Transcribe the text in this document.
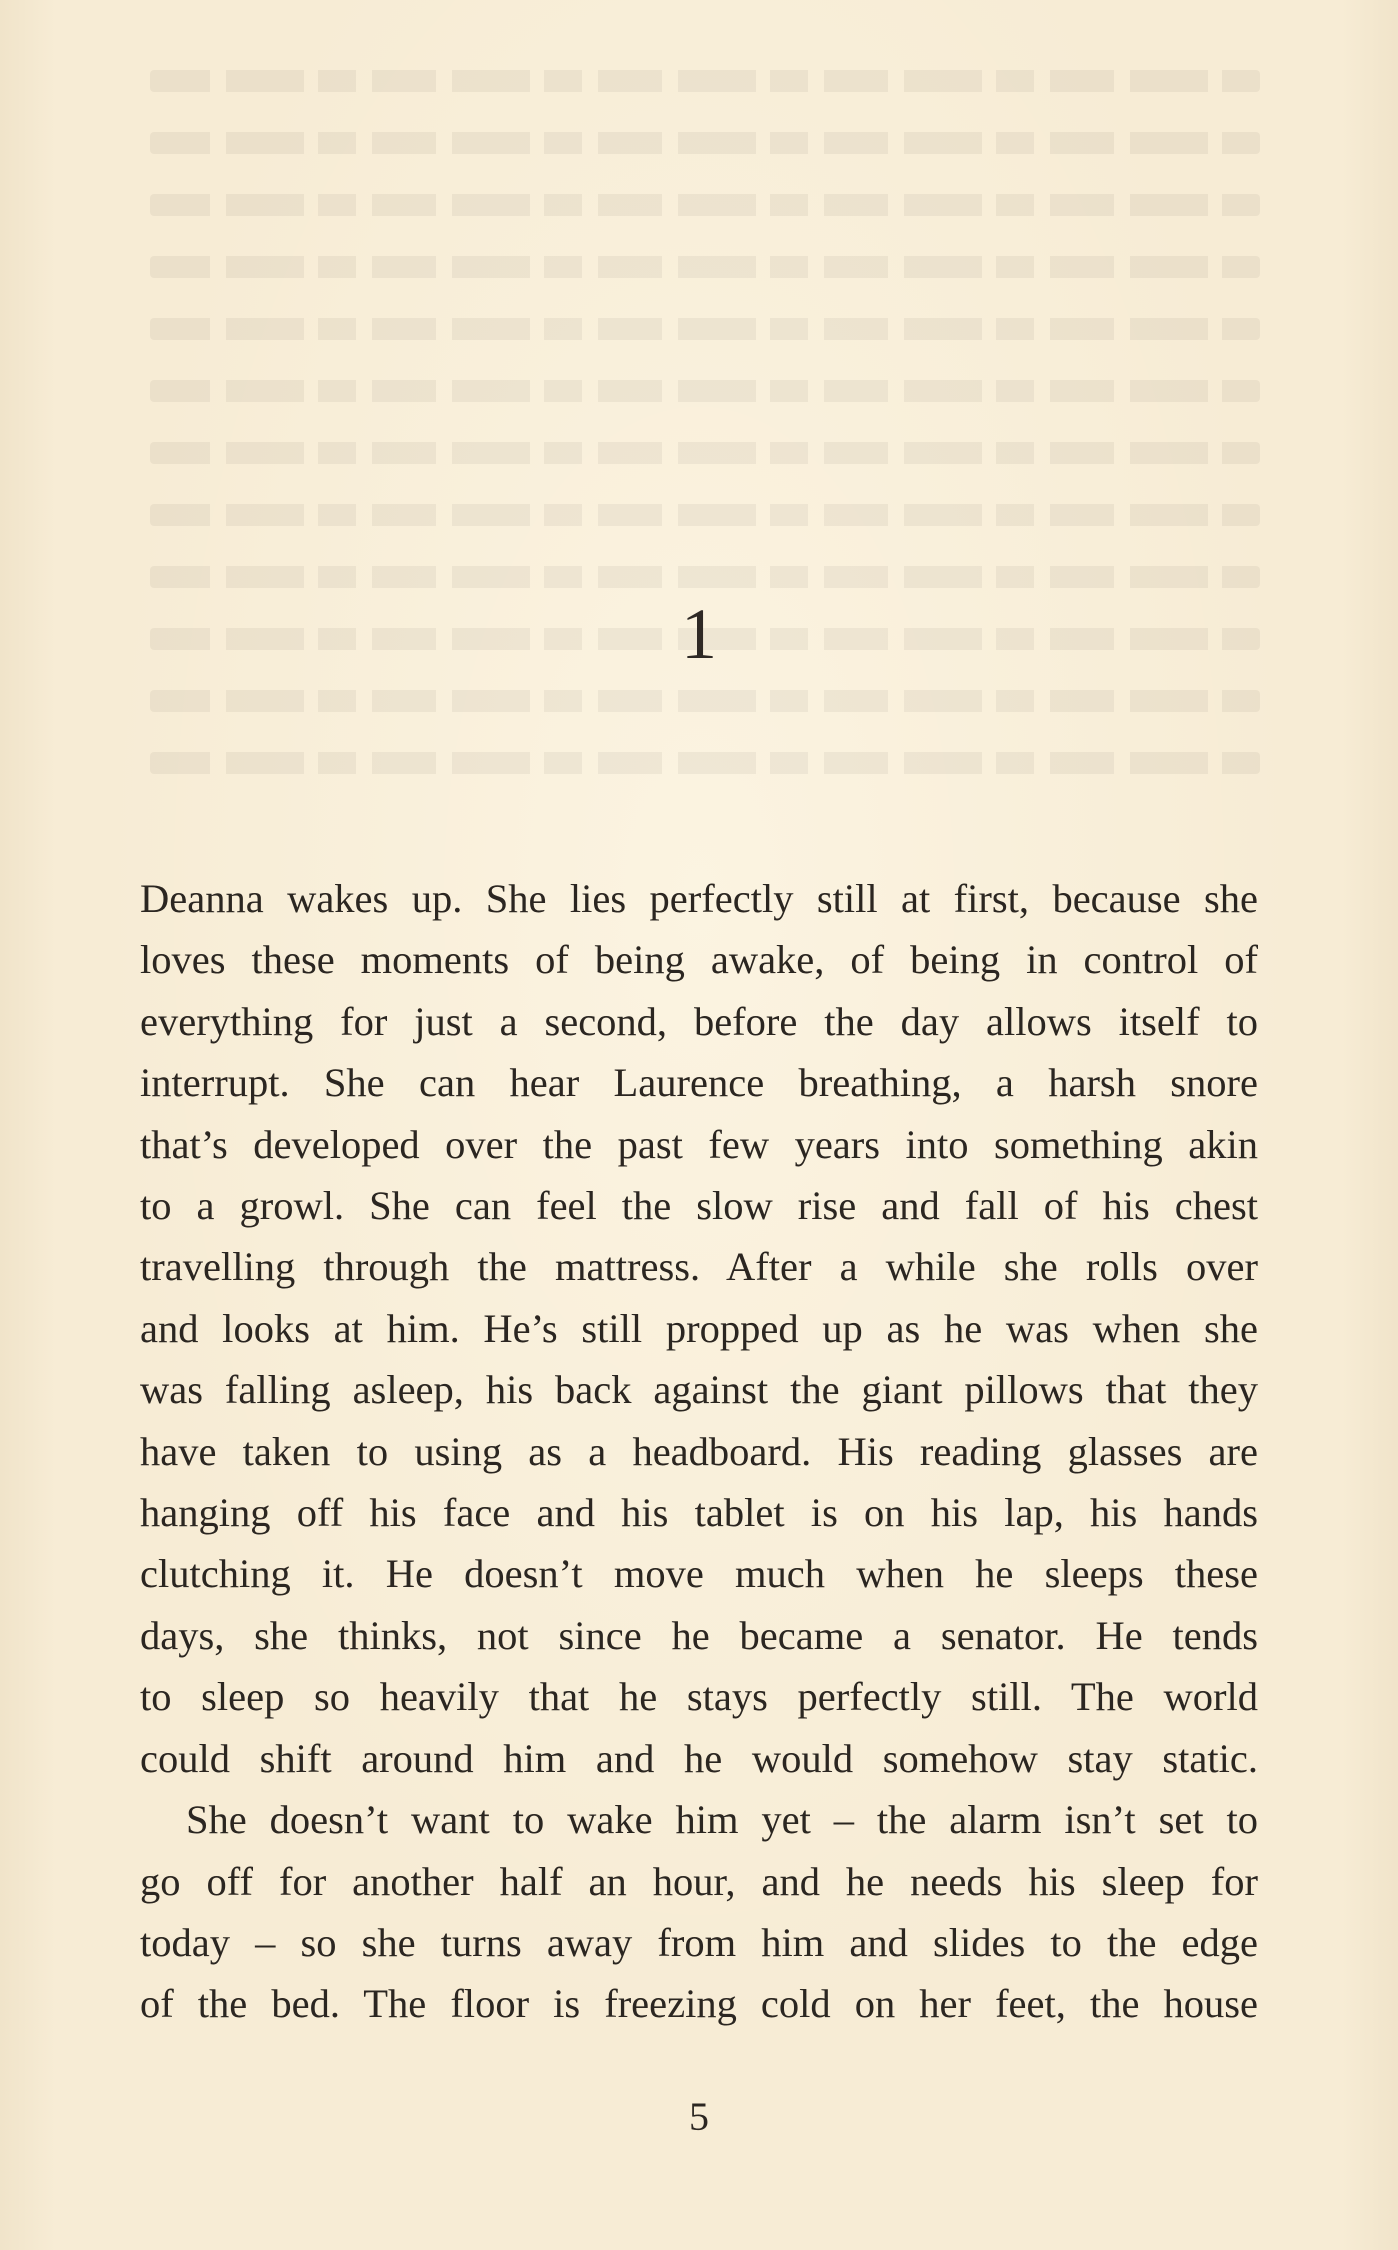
1
Deanna wakes up. She lies perfectly still at first, because she
loves these moments of being awake, of being in control of
everything for just a second, before the day allows itself to
interrupt. She can hear Laurence breathing, a harsh snore
that’s developed over the past few years into something akin
to a growl. She can feel the slow rise and fall of his chest
travelling through the mattress. After a while she rolls over
and looks at him. He’s still propped up as he was when she
was falling asleep, his back against the giant pillows that they
have taken to using as a headboard. His reading glasses are
hanging off his face and his tablet is on his lap, his hands
clutching it. He doesn’t move much when he sleeps these
days, she thinks, not since he became a senator. He tends
to sleep so heavily that he stays perfectly still. The world
could shift around him and he would somehow stay static.
She doesn’t want to wake him yet – the alarm isn’t set to
go off for another half an hour, and he needs his sleep for
today – so she turns away from him and slides to the edge
of the bed. The floor is freezing cold on her feet, the house
5
